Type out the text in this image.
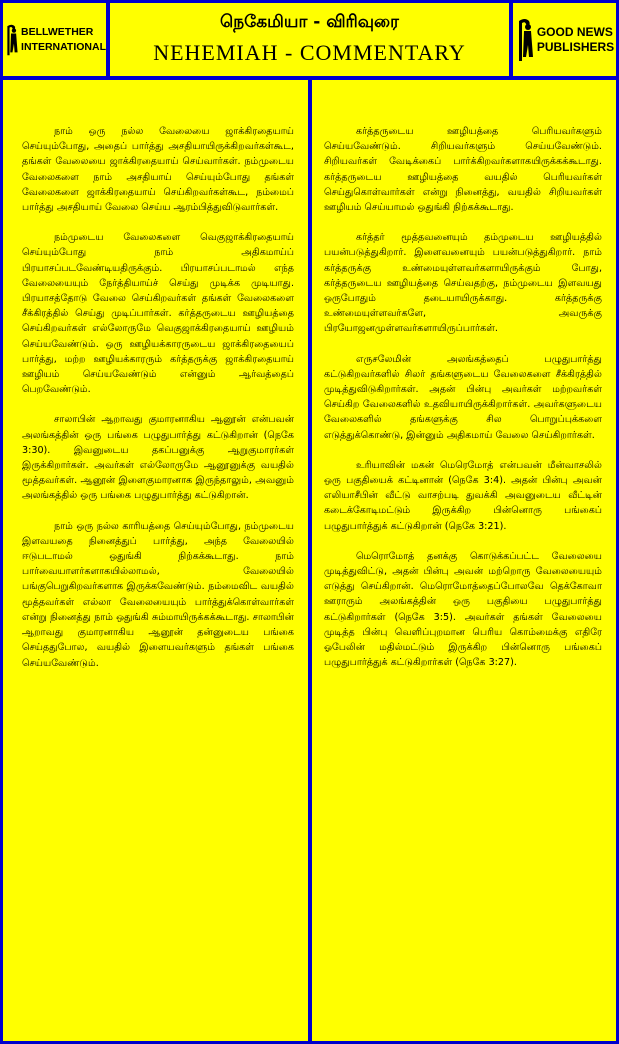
BELLWETHER
INTERNATIONAL
நெகேமியா - விரிவுரை
NEHEMIAH - COMMENTARY
GOOD NEWS
PUBLISHERS

நாம் ஒரு நல்ல வேலையை ஜாக்கிரதையாய் செய்யும்போது, அதைப் பார்த்து அசதியாயிருக்கிறவர்கள்கூட, தங்கள் வேலையை ஜாக்கிரதையாய் செய்வார்கள். நம்முடைய வேலைகளை நாம் அசதியாய் செய்யும்போது தங்கள் வேலைகளை ஜாக்கிரதையாய் செய்கிறவர்கள்கூட, நம்மைப் பார்த்து அசதியாய் வேலை செய்ய ஆரம்பித்துவிடுவார்கள்.

நம்முடைய வேலைகளை வெகுஜாக்கிரதையாய் செய்யும்போது நாம் அதிகமாய்ப் பிரயாசப்படவேண்டியதிருக்கும். பிரயாசப்படாமல் எந்த வேலையையும் நேர்த்தியாய்ச் செய்து முடிக்க முடியாது. பிரயாசத்தோடு வேலை செய்கிறவர்கள் தங்கள் வேலைகளை சீக்கிரத்தில் செய்து முடிப்பார்கள். கர்த்தருடைய ஊழியத்தை செய்கிறவர்கள் எல்லோருமே வெகுஜாக்கிரதையாய் ஊழியம் செய்யவேண்டும். ஒரு ஊழியக்காரருடைய ஜாக்கிரதையைப் பார்த்து, மற்ற ஊழியக்காரரும் கர்த்தருக்கு ஜாக்கிரதையாய் ஊழியம் செய்யவேண்டும் என்னும் ஆர்வத்தைப் பெறவேண்டும்.

சாலாபின் ஆறாவது குமாரனாகிய ஆனூன் என்பவன் அலங்கத்தின் ஒரு பங்கை பழுதுபார்த்து கட்டுகிறான் (நெகே 3:30). இவனுடைய தகப்பனுக்கு ஆறுகுமாரர்கள் இருக்கிறார்கள். அவர்கள் எல்லோருமே ஆனூனுக்கு வயதில் மூத்தவர்கள். ஆனூன் இளைகுமாரனாக இருந்தாலும், அவனும் அலங்கத்தில் ஒரு பங்கை பழுதுபார்த்து கட்டுகிறான்.

நாம் ஒரு நல்ல காரியத்தை செய்யும்போது, நம்முடைய இளவயதை நினைத்துப் பார்த்து, அந்த வேலையில் ஈடுபடாமல் ஒதுங்கி நிற்கக்கூடாது. நாம் பார்வையாளர்களாகயில்லாமல், வேலையில் பங்குபெறுகிறவர்களாக இருக்கவேண்டும். நம்மைவிட வயதில் மூத்தவர்கள் எல்லா வேலையையும் பார்த்துக்கொள்வார்கள் என்று நினைத்து நாம் ஒதுங்கி சும்மாயிருக்கக்கூடாது. சாலாபின் ஆறாவது குமாரனாகிய ஆனூன் தன்னுடைய பங்கை செய்ததுபோல, வயதில் இளையவர்களும் தங்கள் பங்கை செய்யவேண்டும்.

கர்த்தருடைய ஊழியத்தை பெரியவர்களும் செய்யவேண்டும். சிறியவர்களும் செய்யவேண்டும். சிறியவர்கள் வேடிக்கைப் பார்க்கிறவர்களாகயிருக்கக்கூடாது. கர்த்தருடைய ஊழியத்தை வயதில் பெரியவர்கள் செய்துகொள்வார்கள் என்று நினைத்து, வயதில் சிறியவர்கள் ஊழியம் செய்யாமல் ஒதுங்கி நிற்கக்கூடாது.

கர்த்தர் மூத்தவனையும் தம்முடைய ஊழியத்தில் பயன்படுத்துகிறார். இளைவனையும் பயன்படுத்துகிறார். நாம் கர்த்தருக்கு உண்மையுள்ளவர்களாயிருக்கும் போது, கர்த்தருடைய ஊழியத்தை செய்வதற்கு, நம்முடைய இளவயது ஒருபோதும் தடையாயிருக்காது. கர்த்தருக்கு உண்மையுள்ளவர்களே, அவருக்கு பிரயோஜனமுள்ளவர்களாயிருப்பார்கள்.

எருசலேமின் அலங்கத்தைப் பழுதுபார்த்து கட்டுகிறவர்களில் சிலர் தங்களுடைய வேலைகளை சீக்கிரத்தில் முடித்துவிடுகிறார்கள். அதன் பின்பு அவர்கள் மற்றவர்கள் செய்கிற வேலைகளில் உதவியாயிருக்கிறார்கள். அவர்களுடைய வேலைகளில் தங்களுக்கு சில பொறுப்புக்களை எடுத்துக்கொண்டு, இன்னும் அதிகமாய் வேலை செய்கிறார்கள்.

உரியாவின் மகன் மெரெமோத் என்பவன் மீன்வாசலில் ஒரு பகுதியைக் கட்டினான் (நெகே 3:4). அதன் பின்பு அவன் எலியாசீபின் வீட்டு வாசற்படி துவக்கி அவனுடைய வீட்டின் கடைக்கோடிமட்டும் இருக்கிற பின்னொரு பங்கைப் பழுதுபார்த்துக் கட்டுகிறான் (நெகே 3:21).

மெரொமோத் தனக்கு கொடுக்கப்பட்ட வேலையை முடித்துவிட்டு, அதன் பின்பு அவன் மற்றொரு வேலையையும் எடுத்து செய்கிறான். மெரொமோத்தைப்போலவே தெக்கோவா ஊராரும் அலங்கத்தின் ஒரு பகுதியை பழுதுபார்த்து கட்டுகிறார்கள் (நெகே 3:5). அவர்கள் தங்கள் வேலையை முடித்த பின்பு வெளிப்புறமான பெரிய கொம்மைக்கு எதிரே ஓபேலின் மதில்மட்டும் இருக்கிற பின்னொரு பங்கைப் பழுதுபார்த்துக் கட்டுகிறார்கள் (நெகே 3:27).
